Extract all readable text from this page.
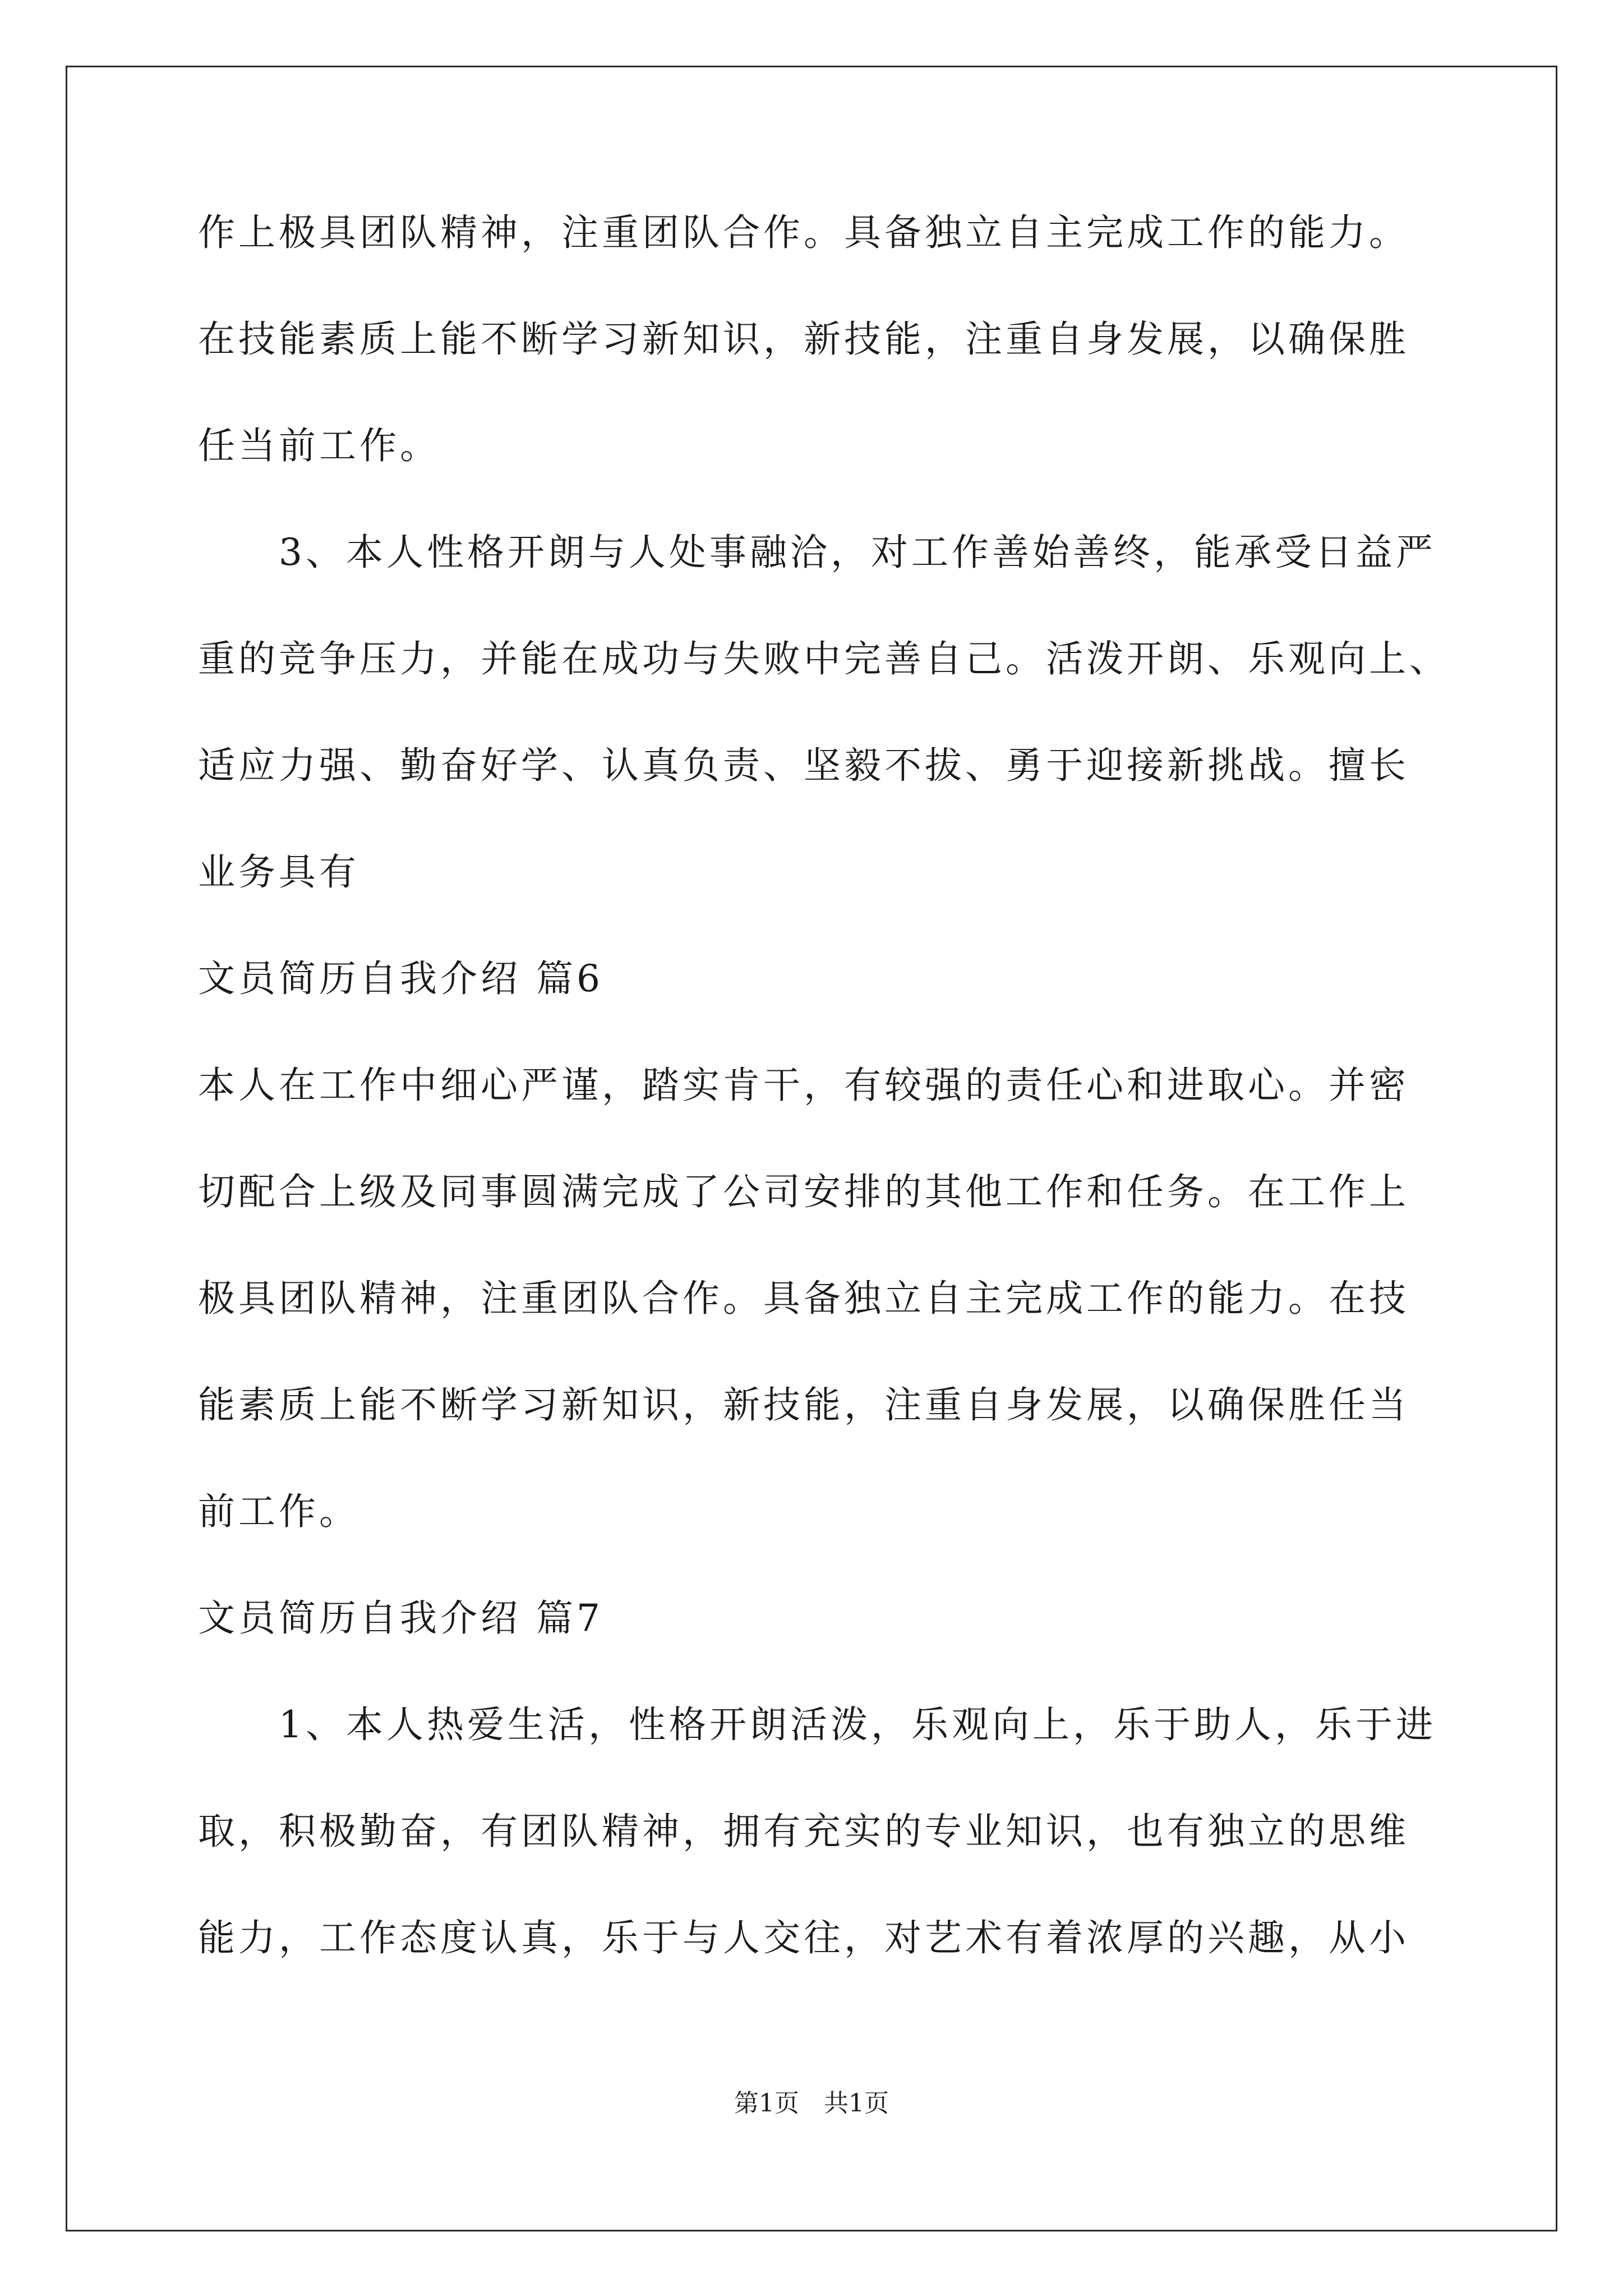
作上极具团队精神，注重团队合作。具备独立自主完成工作的能力。
在技能素质上能不断学习新知识，新技能，注重自身发展，以确保胜
任当前工作。
　　3、本人性格开朗与人处事融洽，对工作善始善终，能承受日益严
重的竞争压力，并能在成功与失败中完善自己。活泼开朗、乐观向上、
适应力强、勤奋好学、认真负责、坚毅不拔、勇于迎接新挑战。擅长
业务具有
文员简历自我介绍 篇6
本人在工作中细心严谨，踏实肯干，有较强的责任心和进取心。并密
切配合上级及同事圆满完成了公司安排的其他工作和任务。在工作上
极具团队精神，注重团队合作。具备独立自主完成工作的能力。在技
能素质上能不断学习新知识，新技能，注重自身发展，以确保胜任当
前工作。
文员简历自我介绍 篇7
　　1、本人热爱生活，性格开朗活泼，乐观向上，乐于助人，乐于进
取，积极勤奋，有团队精神，拥有充实的专业知识，也有独立的思维
能力，工作态度认真，乐于与人交往，对艺术有着浓厚的兴趣，从小
第1页　共1页
